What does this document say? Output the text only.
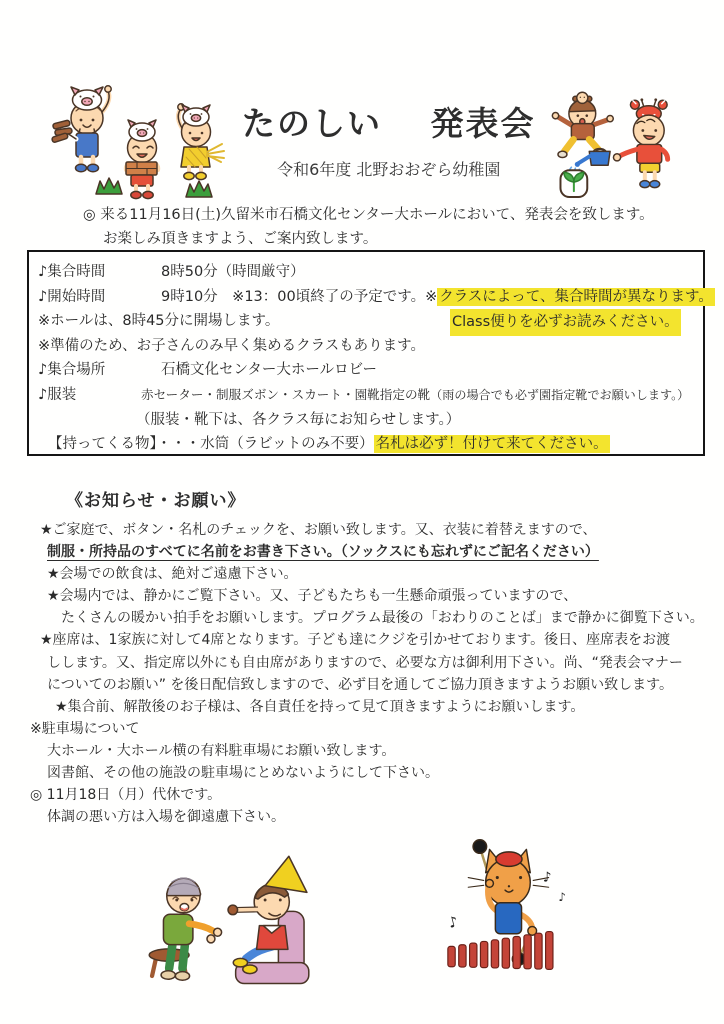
たのしい　 発表会
令和6年度 北野おおぞら幼稚園
◎ 来る11月16日(土)久留米市石橋文化センター大ホールにおいて、発表会を致します。
お楽しみ頂きますよう、ご案内致します。
♪集合時間	8時50分（時間厳守）
♪開始時間	9時10分　※13：00頃終了の予定です。※ クラスによって、集合時間が異なります。
※ホールは、8時45分に開場します。	Class便りを必ずお読みください。
※準備のため、お子さんのみ早く集めるクラスもあります。
♪集合場所	石橋文化センター大ホールロビー
♪服装	赤セーター・制服ズボン・スカート・園靴指定の靴（雨の場合でも必ず園指定靴でお願いします。）
（服装・靴下は、各クラス毎にお知らせします。）
【持ってくる物】・・・水筒（ラビットのみ不要） 名札は必ず！付けて来てください。
《お知らせ・お願い》
★ご家庭で、ボタン・名札のチェックを、お願い致します。又、衣装に着替えますので、
制服・所持品のすべてに名前をお書き下さい。（ソックスにも忘れずにご記名ください）
★会場での飲食は、絶対ご遠慮下さい。
★会場内では、静かにご覧下さい。又、子どもたちも一生懸命頑張っていますので、
たくさんの暖かい拍手をお願いします。プログラム最後の「おわりのことば」まで静かに御覧下さい。
★座席は、1家族に対して4席となります。子ども達にクジを引かせております。後日、座席表をお渡
しします。又、指定席以外にも自由席がありますので、必要な方は御利用下さい。尚、“発表会マナー
についてのお願い” を後日配信致しますので、必ず目を通してご協力頂きますようお願い致します。
★集合前、解散後のお子様は、各自責任を持って見て頂きますようにお願いします。
※駐車場について
大ホール・大ホール横の有料駐車場にお願い致します。
図書館、その他の施設の駐車場にとめないようにして下さい。
◎ 11月18日（月）代休です。
体調の悪い方は入場を御遠慮下さい。
♪
♪
♪
